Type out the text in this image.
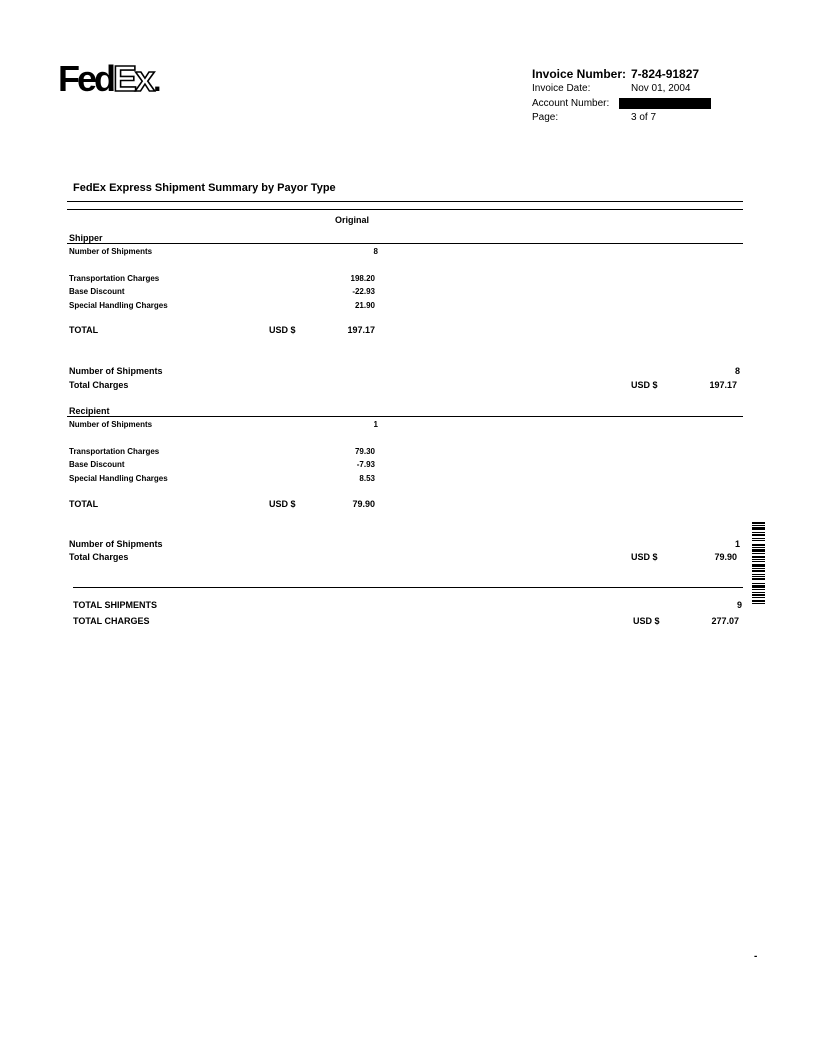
FedEx.	Invoice Number: 7-824-91827
Invoice Date:	Nov 01, 2004
Account Number:
Page:	3 of 7
FedEx Express Shipment Summary by Payor Type
Original
Shipper
Number of Shipments	8
Transportation Charges	198.20
Base Discount	-22.93
Special Handling Charges	21.90
TOTAL	USD $	197.17
Number of Shipments	8
Total Charges	USD $	197.17
Recipient
Number of Shipments	1
Transportation Charges	79.30
Base Discount	-7.93
Special Handling Charges	8.53
TOTAL	USD $	79.90
Number of Shipments	1
Total Charges	USD $	79.90
TOTAL SHIPMENTS	9
TOTAL CHARGES	USD $	277.07
-
